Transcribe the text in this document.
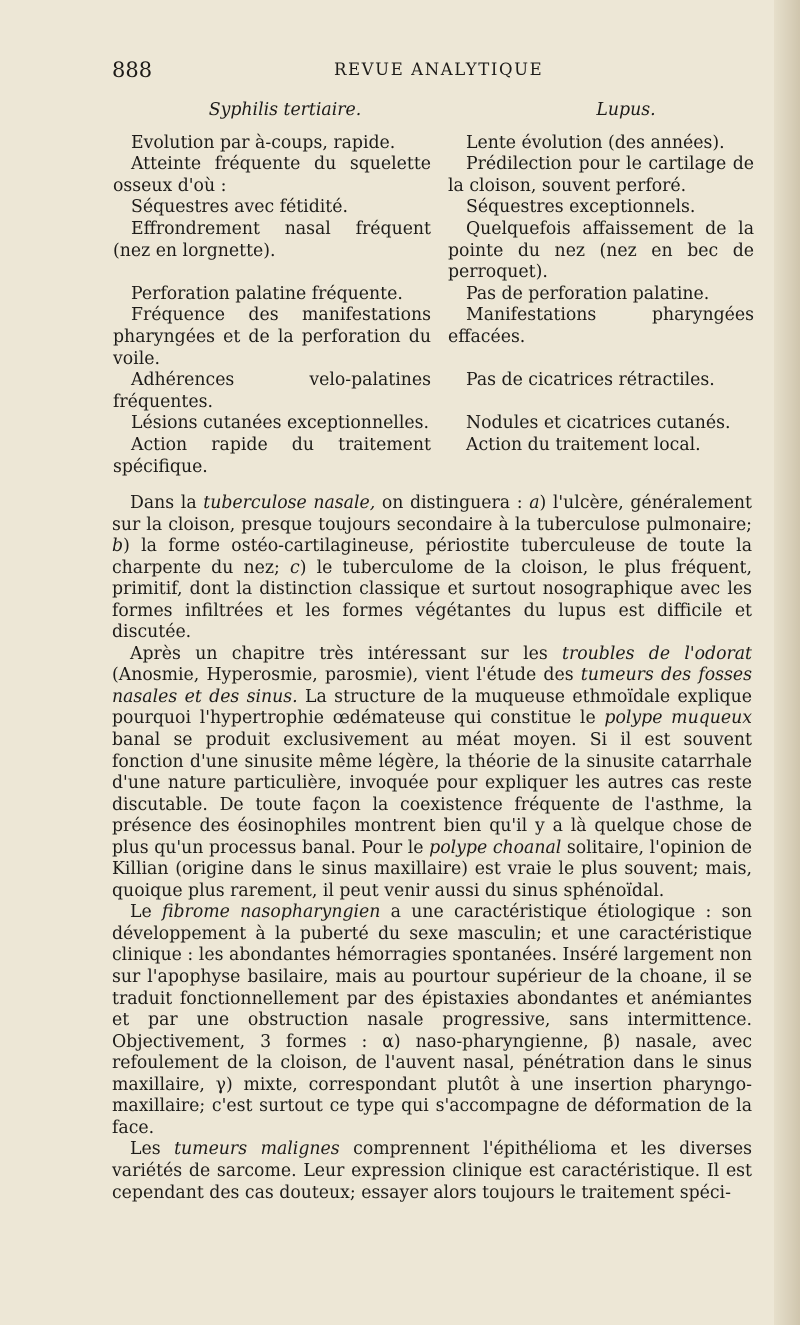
888	REVUE ANALYTIQUE
Syphilis tertiaire.

Evolution par à-coups, rapide.

Atteinte fréquente du squelette osseux d'où :

Séquestres avec fétidité.

Effrondrement nasal fréquent (nez en lorgnette).

Perforation palatine fréquente.

Fréquence des manifestations pharyngées et de la perforation du voile.

Adhérences velo-palatines fréquentes.

Lésions cutanées exceptionnelles.

Action rapide du traitement spécifique.

Lupus.

Lente évolution (des années).

Prédilection pour le cartilage de la cloison, souvent perforé.

Séquestres exceptionnels.

Quelquefois affaissement de la pointe du nez (nez en bec de perroquet).

Pas de perforation palatine.

Manifestations pharyngées effacées.

Pas de cicatrices rétractiles.

Nodules et cicatrices cutanés.

Action du traitement local.

Dans la tuberculose nasale, on distinguera : a) l'ulcère, généralement sur la cloison, presque toujours secondaire à la tuberculose pulmonaire; b) la forme ostéo-cartilagineuse, périostite tuberculeuse de toute la charpente du nez; c) le tuberculome de la cloison, le plus fréquent, primitif, dont la distinction classique et surtout nosographique avec les formes infiltrées et les formes végétantes du lupus est difficile et discutée.

Après un chapitre très intéressant sur les troubles de l'odorat (Anosmie, Hyperosmie, parosmie), vient l'étude des tumeurs des fosses nasales et des sinus. La structure de la muqueuse ethmoïdale explique pourquoi l'hypertrophie œdémateuse qui constitue le polype muqueux banal se produit exclusivement au méat moyen. Si il est souvent fonction d'une sinusite même légère, la théorie de la sinusite catarrhale d'une nature particulière, invoquée pour expliquer les autres cas reste discutable. De toute façon la coexistence fréquente de l'asthme, la présence des éosinophiles montrent bien qu'il y a là quelque chose de plus qu'un processus banal. Pour le polype choanal solitaire, l'opinion de Killian (origine dans le sinus maxillaire) est vraie le plus souvent; mais, quoique plus rarement, il peut venir aussi du sinus sphénoïdal.

Le fibrome nasopharyngien a une caractéristique étiologique : son développement à la puberté du sexe masculin; et une caractéristique clinique : les abondantes hémorragies spontanées. Inséré largement non sur l'apophyse basilaire, mais au pourtour supérieur de la choane, il se traduit fonctionnellement par des épistaxies abondantes et anémiantes et par une obstruction nasale progressive, sans intermittence. Objectivement, 3 formes : α) naso-pharyngienne, β) nasale, avec refoulement de la cloison, de l'auvent nasal, pénétration dans le sinus maxillaire, γ) mixte, correspondant plutôt à une insertion pharyngo-maxillaire; c'est surtout ce type qui s'accompagne de déformation de la face.

Les tumeurs malignes comprennent l'épithélioma et les diverses variétés de sarcome. Leur expression clinique est caractéristique. Il est cependant des cas douteux; essayer alors toujours le traitement spéci-
